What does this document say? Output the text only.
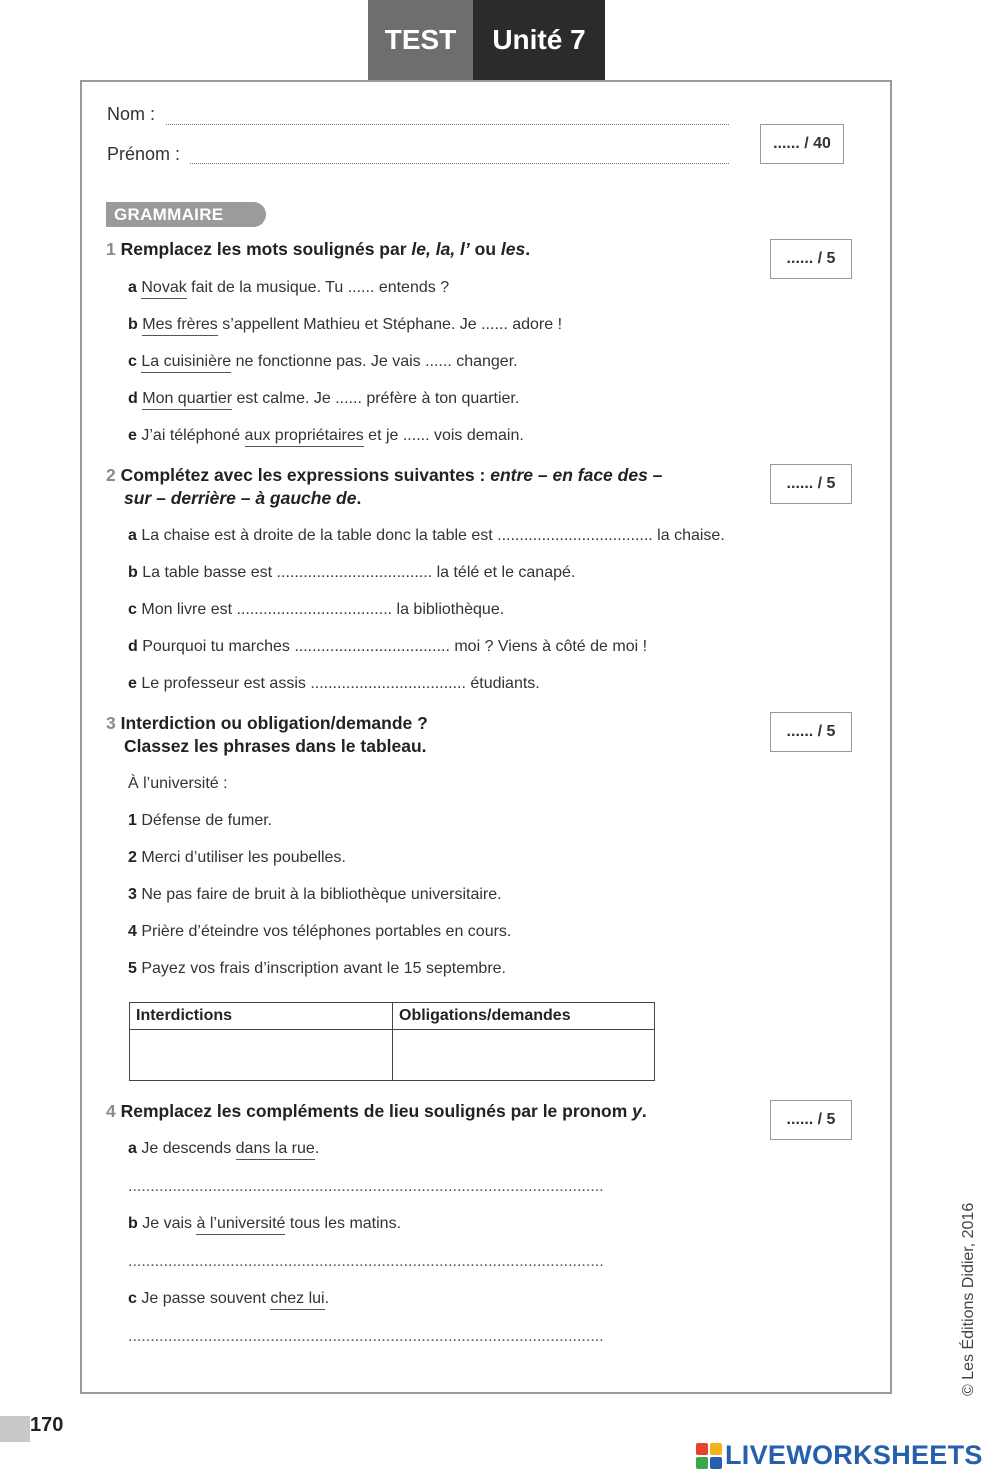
TEST	Unité 7
Nom :
Prénom :
...... / 40
GRAMMAIRE
1 Remplacez les mots soulignés par le, la, l’ ou les.	...... / 5
a Novak fait de la musique. Tu ...... entends ?
b Mes frères s’appellent Mathieu et Stéphane. Je ...... adore !
c La cuisinière ne fonctionne pas. Je vais ...... changer.
d Mon quartier est calme. Je ...... préfère à ton quartier.
e J’ai téléphoné aux propriétaires et je ...... vois demain.
2 Complétez avec les expressions suivantes : entre – en face des –
sur – derrière – à gauche de.
...... / 5
a La chaise est à droite de la table donc la table est ................................... la chaise.
b La table basse est ................................... la télé et le canapé.
c Mon livre est ................................... la bibliothèque.
d Pourquoi tu marches ................................... moi ? Viens à côté de moi !
e Le professeur est assis ................................... étudiants.
3 Interdiction ou obligation/demande ?
Classez les phrases dans le tableau.
...... / 5
À l’université :
1 Défense de fumer.
2 Merci d’utiliser les poubelles.
3 Ne pas faire de bruit à la bibliothèque universitaire.
4 Prière d’éteindre vos téléphones portables en cours.
5 Payez vos frais d’inscription avant le 15 septembre.
Interdictions	Obligations/demandes

4 Remplacez les compléments de lieu soulignés par le pronom y.	...... / 5
a Je descends dans la rue.
...........................................................................................................
b Je vais à l’université tous les matins.
...........................................................................................................
c Je passe souvent chez lui.
...........................................................................................................	© Les Éditions Didier, 2016
170
LIVEWORKSHEETS
